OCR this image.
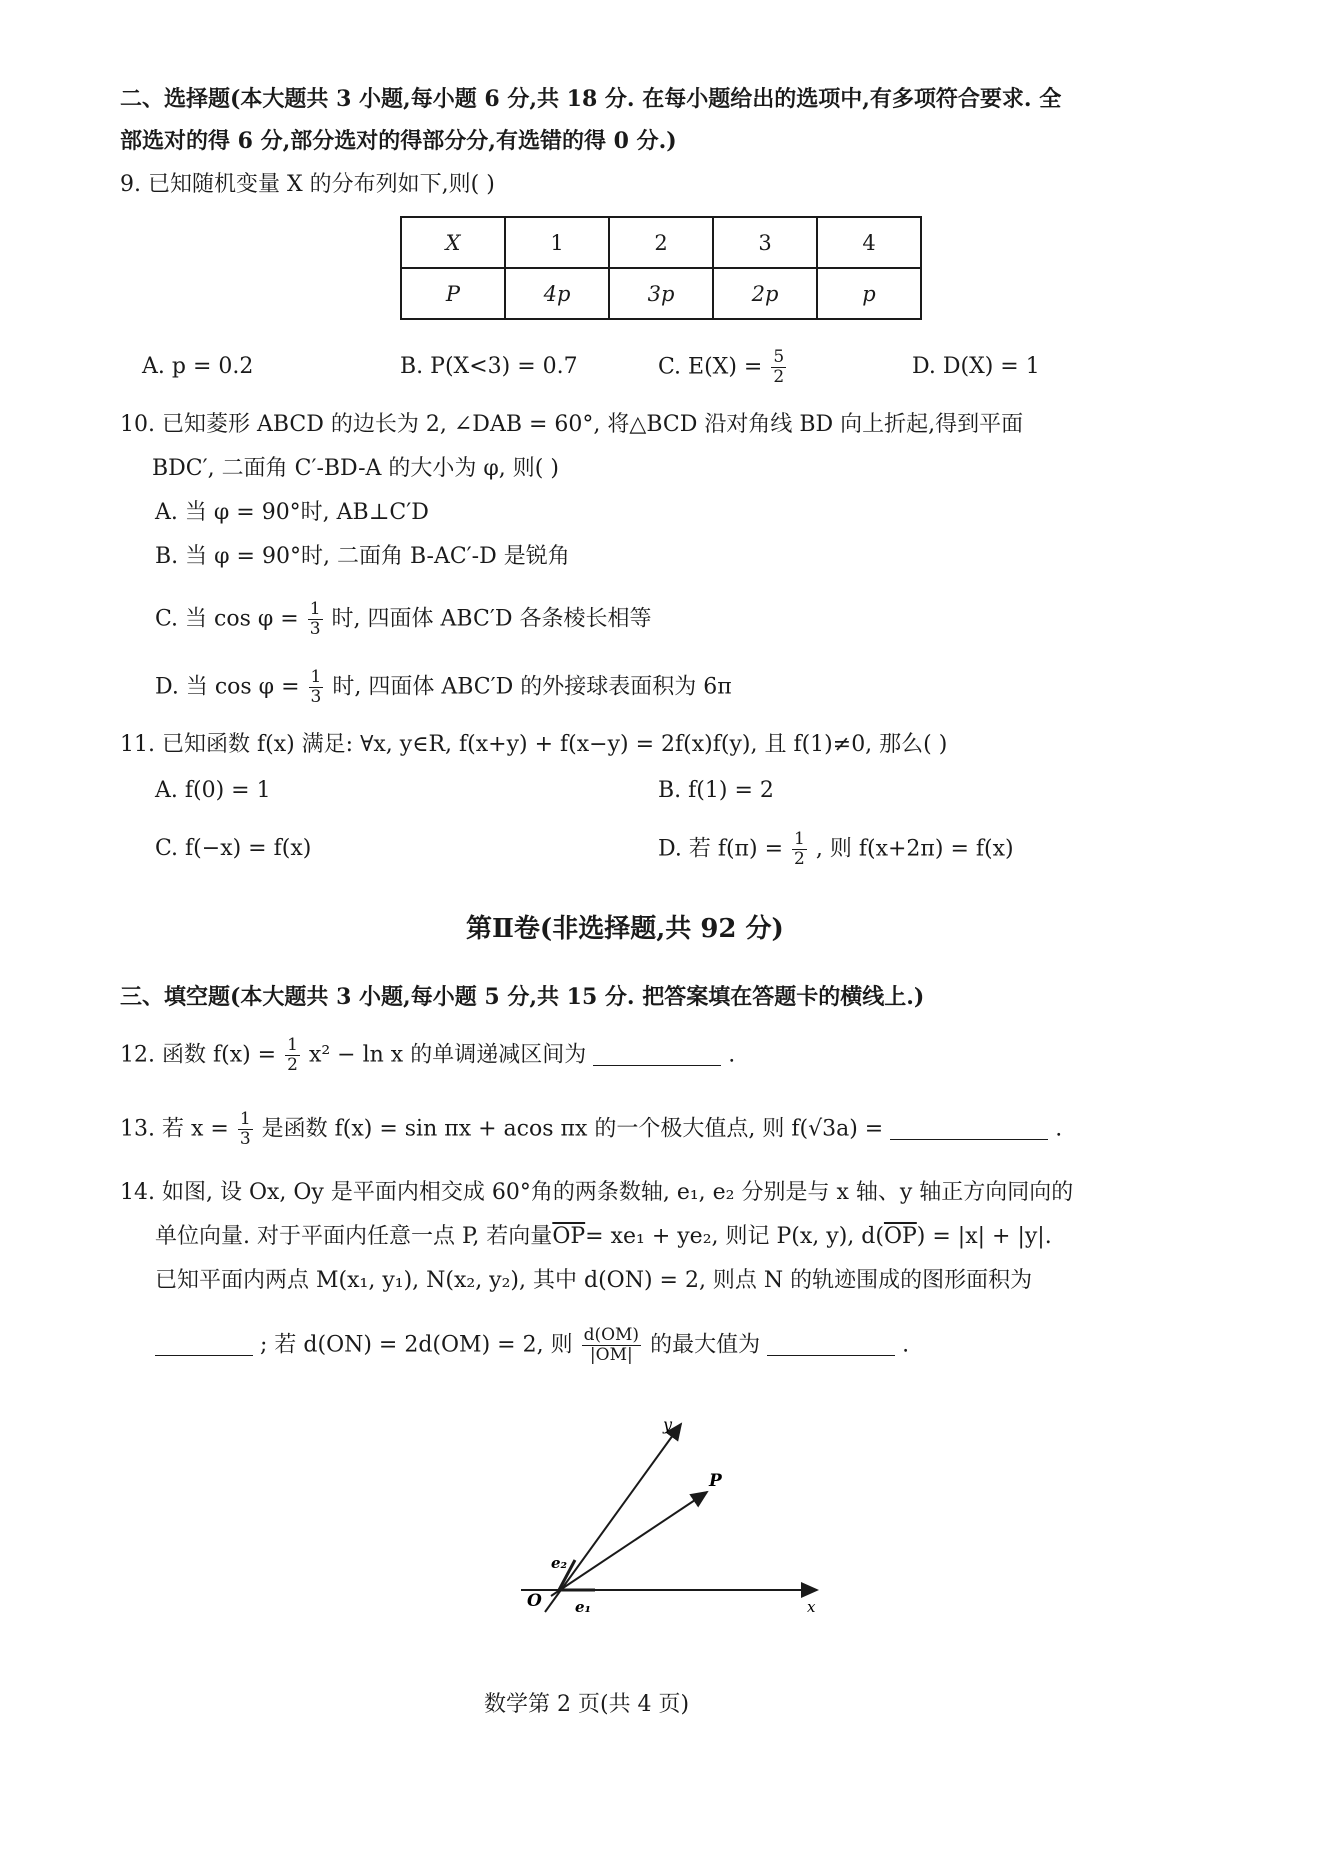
二、选择题(本大题共 3 小题,每小题 6 分,共 18 分. 在每小题给出的选项中,有多项符合要求. 全
部选对的得 6 分,部分选对的得部分分,有选错的得 0 分.)
9. 已知随机变量 X 的分布列如下,则( )
X	1	2	3	4
P	4p	3p	2p	p
A. p = 0.2	B. P(X<3) = 0.7	C. $E(X) = \frac{5}{2}$	D. D(X) = 1
10. 已知菱形 ABCD 的边长为 2, ∠DAB = 60°, 将△BCD 沿对角线 BD 向上折起,得到平面
BDC′, 二面角 C′-BD-A 的大小为 φ, 则( )
A. 当 φ = 90°时, AB⊥C′D
B. 当 φ = 90°时, 二面角 B-AC′-D 是锐角
C. 当 $\cos \varphi = \frac{1}{3}$ 时, 四面体 ABC′D 各条棱长相等
D. 当 $\cos \varphi = \frac{1}{3}$ 时, 四面体 ABC′D 的外接球表面积为 6π
11. 已知函数 f(x) 满足: ∀x, y∈R, f(x+y) + f(x−y) = 2f(x)f(y), 且 f(1)≠0, 那么( )
A. f(0) = 1	B. f(1) = 2
C. f(−x) = f(x)	D. 若 $f(\pi) = \frac{1}{2}$ , 则 f(x+2π) = f(x)
第Ⅱ卷(非选择题,共 92 分)
三、填空题(本大题共 3 小题,每小题 5 分,共 15 分. 把答案填在答题卡的横线上.)
12. 函数 $f(x) = \frac{1}{2} x^2 - \ln x$ 的单调递减区间为	.
13. 若 $x = \frac{1}{3}$ 是函数 f(x) = sin πx + acos πx 的一个极大值点, 则 f(√3a) =	.
14. 如图, 设 Ox, Oy 是平面内相交成 60°角的两条数轴, e₁, e₂ 分别是与 x 轴、y 轴正方向同向的
单位向量. 对于平面内任意一点 P, 若向量$\overline{OP}= xe_1 + ye_2$, 则记 P(x, y), $d(\overline{OP}) = |x| + |y|$.
已知平面内两点 M(x₁, y₁), N(x₂, y₂), 其中 d(ON) = 2, 则点 N 的轨迹围成的图形面积为
; 若 d(ON) = 2d(OM) = 2, 则 $\frac{d(OM)}{|OM|}$ 的最大值为	.
y
P
e₂
O e₁	x
数学第 2 页(共 4 页)
